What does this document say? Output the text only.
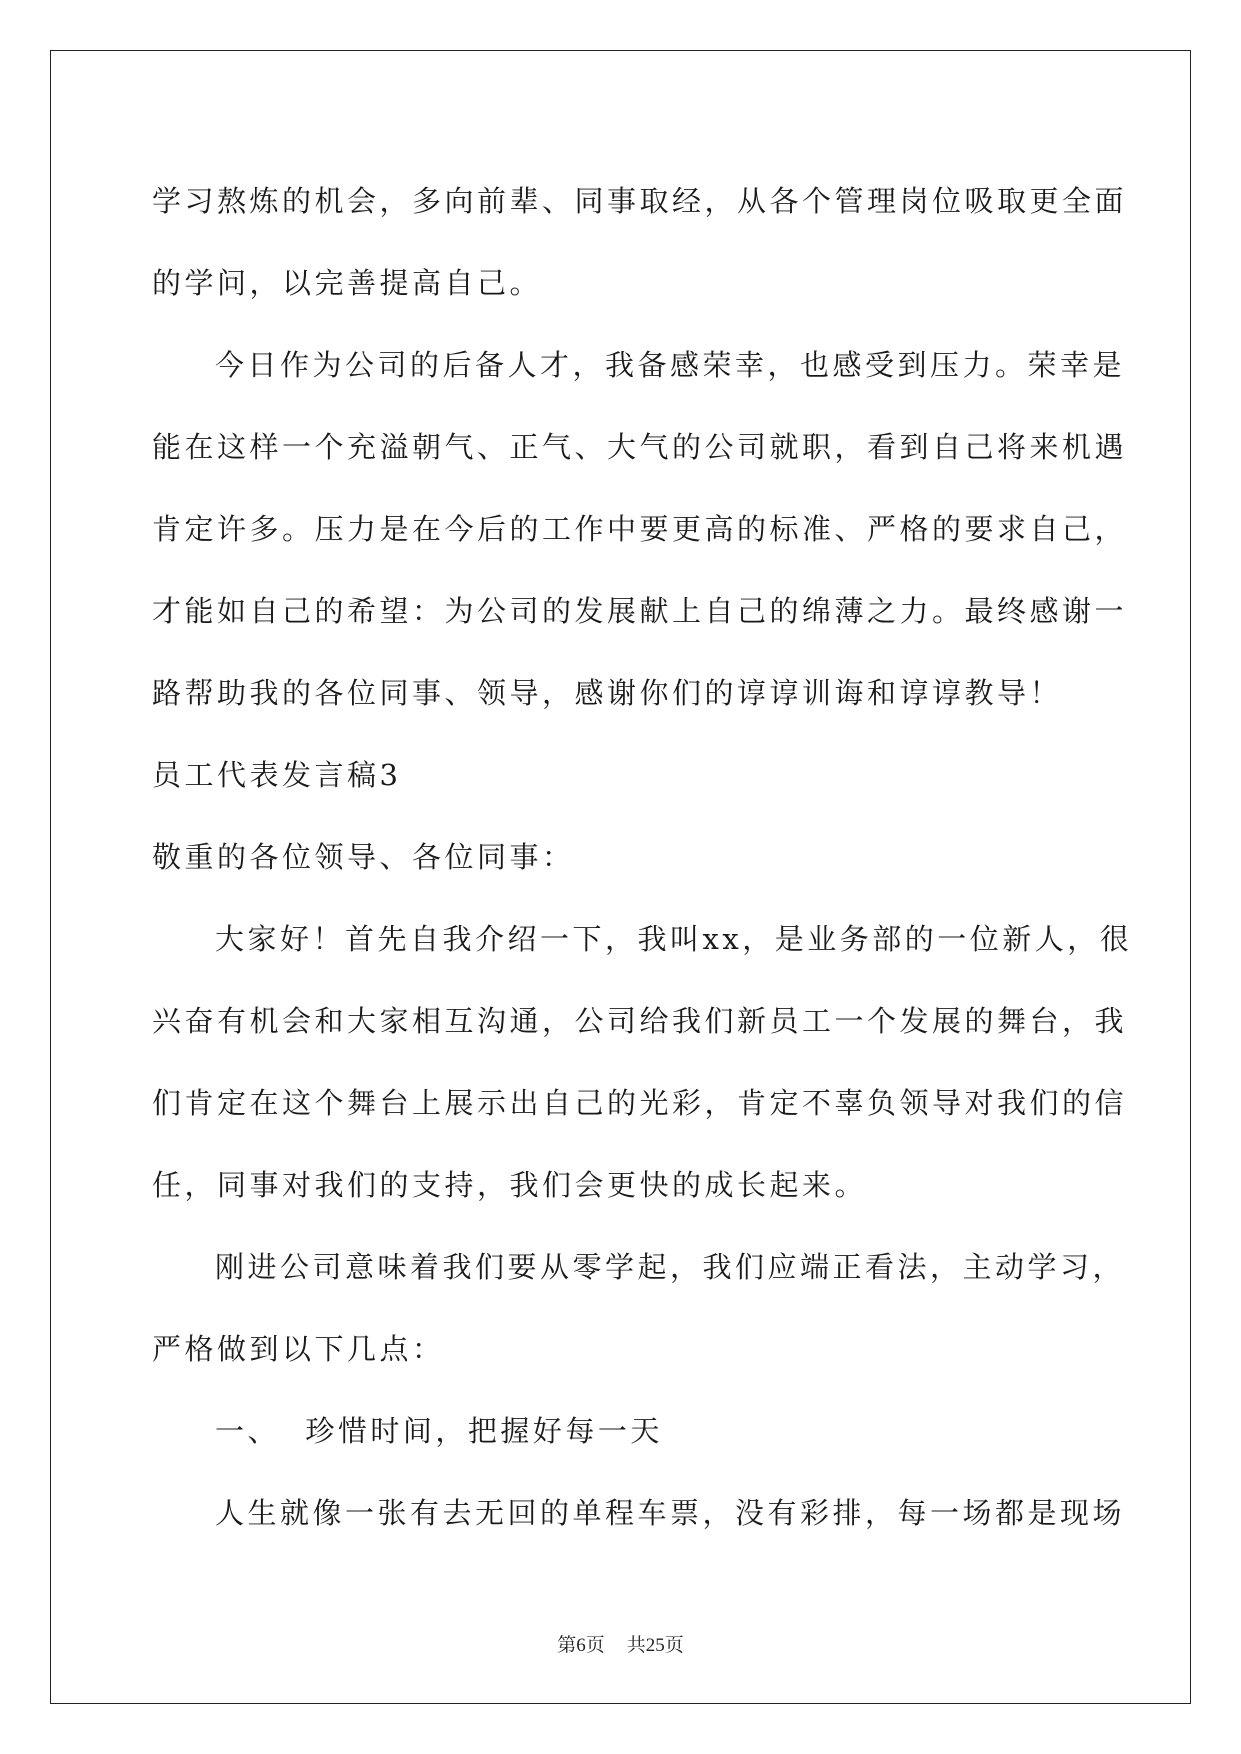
学习熬炼的机会，多向前辈、同事取经，从各个管理岗位吸取更全面
的学问，以完善提高自己。
今日作为公司的后备人才，我备感荣幸，也感受到压力。荣幸是
能在这样一个充溢朝气、正气、大气的公司就职，看到自己将来机遇
肯定许多。压力是在今后的工作中要更高的标准、严格的要求自己，
才能如自己的希望：为公司的发展献上自己的绵薄之力。最终感谢一
路帮助我的各位同事、领导，感谢你们的谆谆训诲和谆谆教导！
员工代表发言稿3
敬重的各位领导、各位同事：
大家好！首先自我介绍一下，我叫xx，是业务部的一位新人，很
兴奋有机会和大家相互沟通，公司给我们新员工一个发展的舞台，我
们肯定在这个舞台上展示出自己的光彩，肯定不辜负领导对我们的信
任，同事对我们的支持，我们会更快的成长起来。
刚进公司意味着我们要从零学起，我们应端正看法，主动学习，
严格做到以下几点：
一、  珍惜时间，把握好每一天
人生就像一张有去无回的单程车票，没有彩排，每一场都是现场
第6页 共25页
